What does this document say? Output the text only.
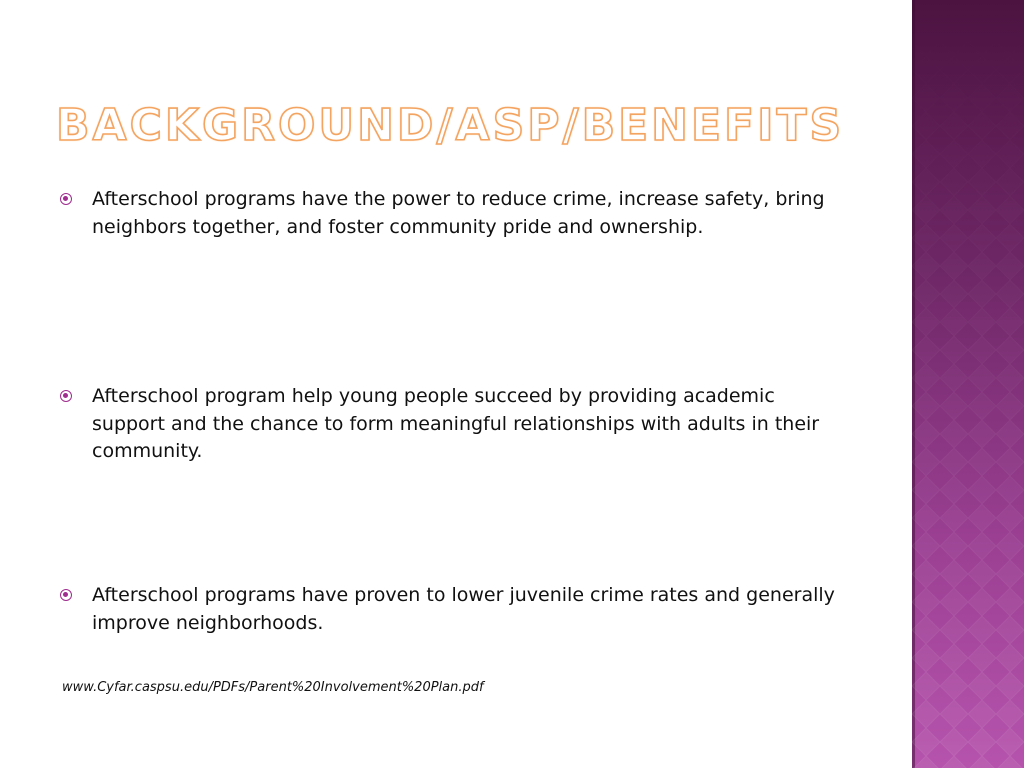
BACKGROUND/ASP/BENEFITS
Afterschool programs have the power to reduce crime, increase safety, bring neighbors together, and foster community pride and ownership.
Afterschool program help young people succeed by providing academic support and the chance to form meaningful relationships with adults in their community.
Afterschool programs have proven to lower juvenile crime rates and generally improve neighborhoods.
www.Cyfar.caspsu.edu/PDFs/Parent%20Involvement%20Plan.pdf
